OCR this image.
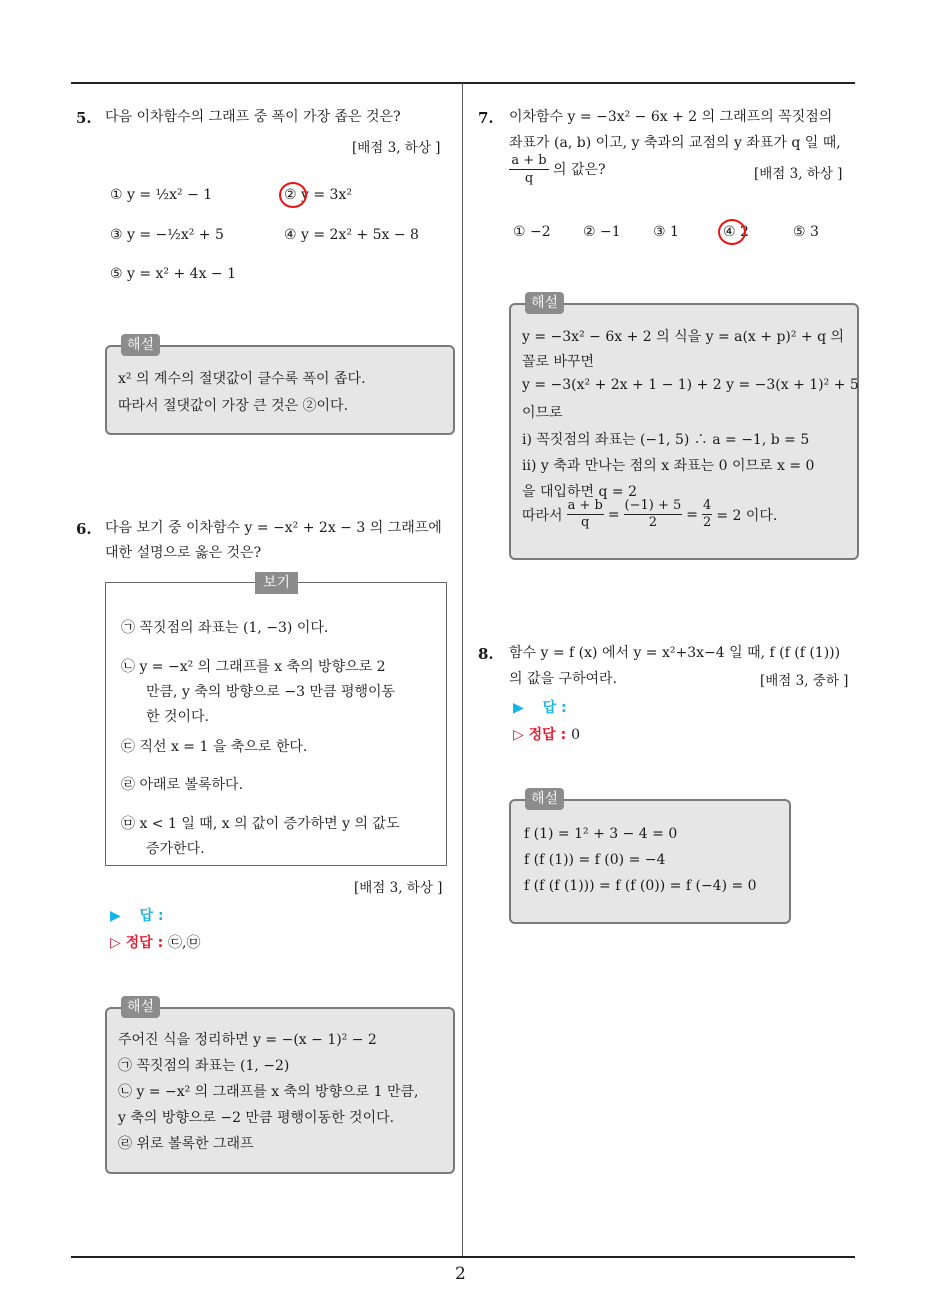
2
5. 다음 이차함수의 그래프 중 폭이 가장 좁은 것은?
[배점 3, 하상 ]
① y = ½x² − 1	② y = 3x²
③ y = −½x² + 5	④ y = 2x² + 5x − 8
⑤ y = x² + 4x − 1
해설
x² 의 계수의 절댓값이 클수록 폭이 좁다.
따라서 절댓값이 가장 큰 것은 ②이다.
6. 다음 보기 중 이차함수 y = −x² + 2x − 3 의 그래프에
대한 설명으로 옳은 것은?
보기
㉠ 꼭짓점의 좌표는 (1, −3) 이다.
㉡ y = −x² 의 그래프를 x 축의 방향으로 2
만큼, y 축의 방향으로 −3 만큼 평행이동
한 것이다.
㉢ 직선 x = 1 을 축으로 한다.
㉣ 아래로 볼록하다.
㉤ x < 1 일 때, x 의 값이 증가하면 y 의 값도
증가한다.
[배점 3, 하상 ]
▶ 답 :
▷ 정답 : ㉢,㉤
해설
주어진 식을 정리하면 y = −(x − 1)² − 2
㉠ 꼭짓점의 좌표는 (1, −2)
㉡ y = −x² 의 그래프를 x 축의 방향으로 1 만큼,
y 축의 방향으로 −2 만큼 평행이동한 것이다.
㉣ 위로 볼록한 그래프
7. 이차함수 y = −3x² − 6x + 2 의 그래프의 꼭짓점의
좌표가 (a, b) 이고, y 축과의 교점의 y 좌표가 q 일 때,
$\frac{a + b}{q}$ 의 값은?	[배점 3, 하상 ]
① −2 ② −1 ③ 1	④ 2	⑤ 3
해설
y = −3x² − 6x + 2 의 식을 y = a(x + p)² + q 의
꼴로 바꾸면
y = −3(x² + 2x + 1 − 1) + 2 y = −3(x + 1)² + 5
이므로
i) 꼭짓점의 좌표는 (−1, 5) ∴ a = −1, b = 5
ii) y 축과 만나는 점의 x 좌표는 0 이므로 x = 0
을 대입하면 q = 2
따라서 $\frac{a + b}{q} = \frac{(-1) + 5}{2} = \frac{4}{2} = 2$ 이다.
8. 함수 y = f (x) 에서 y = x²+3x−4 일 때, f (f (f (1)))
의 값을 구하여라.	[배점 3, 중하 ]
▶ 답 :
▷ 정답 : 0
해설
f (1) = 1² + 3 − 4 = 0
f (f (1)) = f (0) = −4
f (f (f (1))) = f (f (0)) = f (−4) = 0
